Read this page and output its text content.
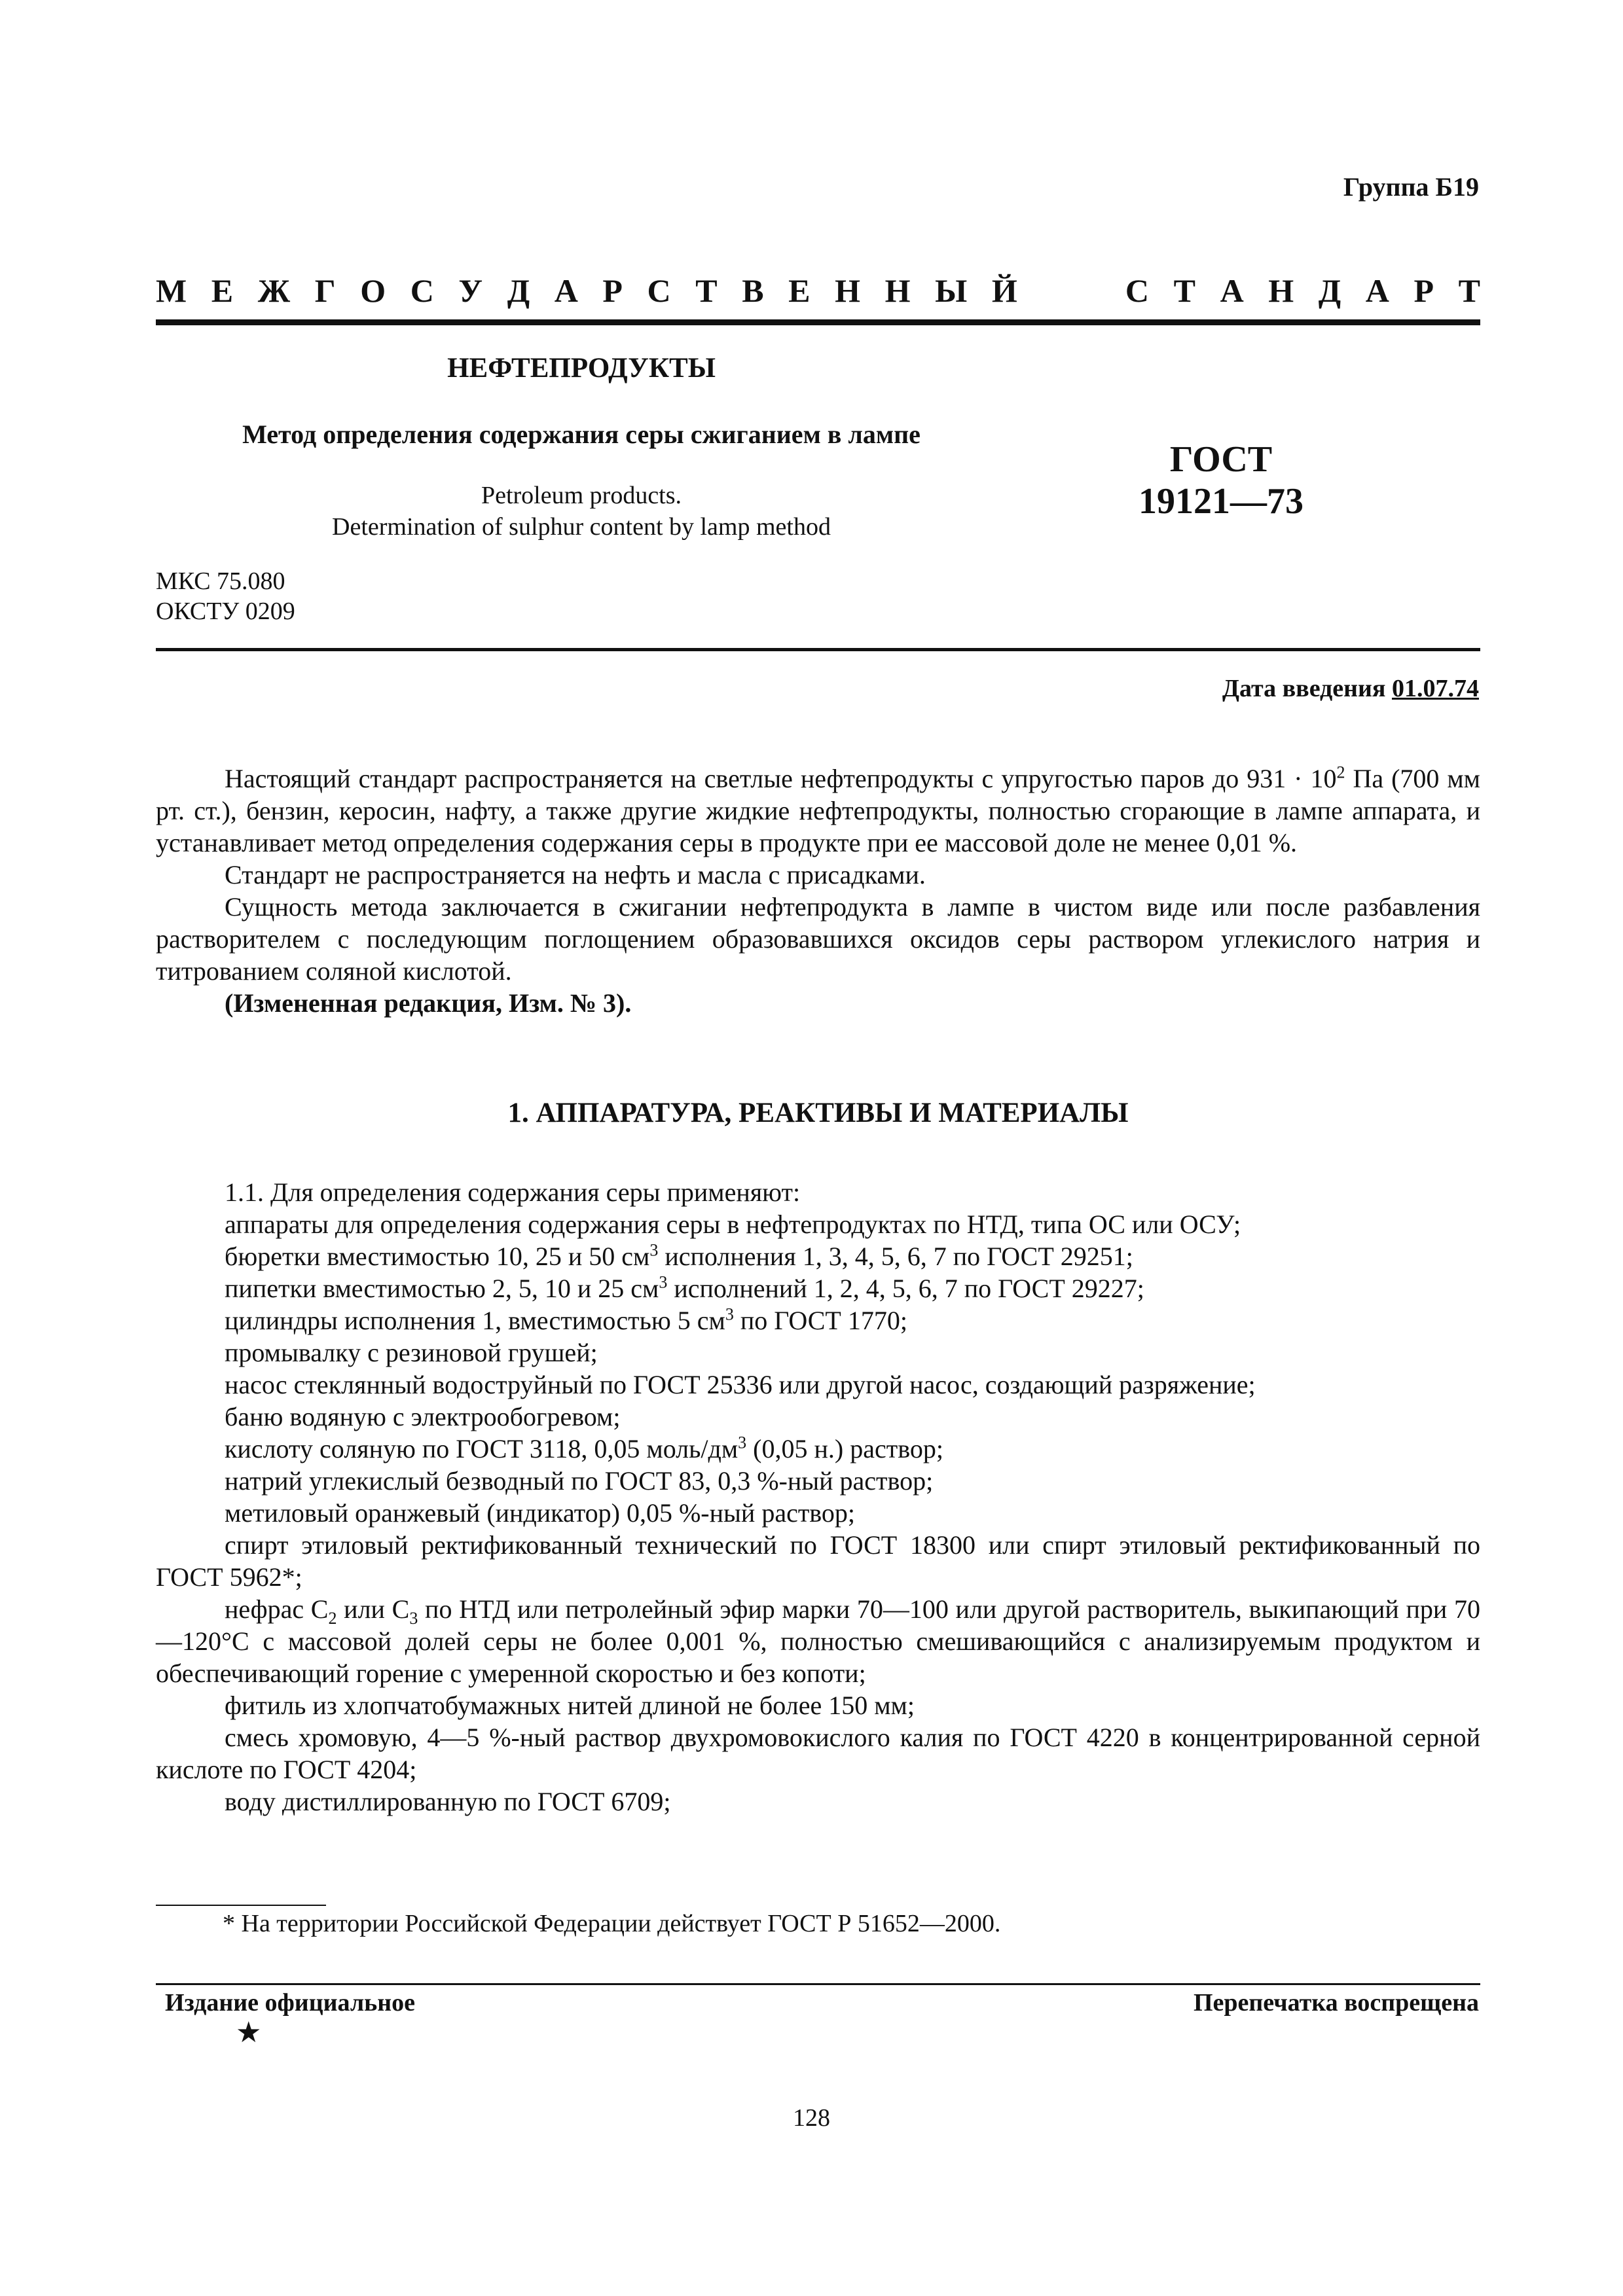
Группа Б19
М Е Ж Г О С У Д А Р С Т В Е Н Н Ы Й	С Т А Н Д А Р Т
НЕФТЕПРОДУКТЫ
Метод определения содержания серы сжиганием в лампе
Petroleum products.
Determination of sulphur content by lamp method
ГОСТ
19121—73
МКС 75.080
ОКСТУ 0209
Дата введения 01.07.74

Настоящий стандарт распространяется на светлые нефтепродукты с упругостью паров до $931 \cdot 10^2$ Па (700 мм рт. ст.), бензин, керосин, нафту, а также другие жидкие нефтепродукты, полностью сгорающие в лампе аппарата, и устанавливает метод определения содержания серы в продукте при ее массовой доле не менее 0,01 %.

Стандарт не распространяется на нефть и масла с присадками.

Сущность метода заключается в сжигании нефтепродукта в лампе в чистом виде или после разбавления растворителем с последующим поглощением образовавшихся оксидов серы раствором углекислого натрия и титрованием соляной кислотой.

(Измененная редакция, Изм. № 3).

1. АППАРАТУРА, РЕАКТИВЫ И МАТЕРИАЛЫ

1.1. Для определения содержания серы применяют:

аппараты для определения содержания серы в нефтепродуктах по НТД, типа ОС или ОСУ;

бюретки вместимостью 10, 25 и 50 $см^3$ исполнения 1, 3, 4, 5, 6, 7 по ГОСТ 29251;

пипетки вместимостью 2, 5, 10 и 25 $см^3$ исполнений 1, 2, 4, 5, 6, 7 по ГОСТ 29227;

цилиндры исполнения 1, вместимостью 5 $см^3$ по ГОСТ 1770;

промывалку с резиновой грушей;

насос стеклянный водоструйный по ГОСТ 25336 или другой насос, создающий разряжение;

баню водяную с электрообогревом;

кислоту соляную по ГОСТ 3118, 0,05 моль/$дм^3$ (0,05 н.) раствор;

натрий углекислый безводный по ГОСТ 83, 0,3 %-ный раствор;

метиловый оранжевый (индикатор) 0,05 %-ный раствор;

спирт этиловый ректификованный технический по ГОСТ 18300 или спирт этиловый ректификованный по ГОСТ 5962*;

нефрас $С_2$ или $С_3$ по НТД или петролейный эфир марки 70—100 или другой растворитель, выкипающий при 70—120°С с массовой долей серы не более 0,001 %, полностью смешивающийся с анализируемым продуктом и обеспечивающий горение с умеренной скоростью и без копоти;

фитиль из хлопчатобумажных нитей длиной не более 150 мм;

смесь хромовую, 4—5 %-ный раствор двухромовокислого калия по ГОСТ 4220 в концентрированной серной кислоте по ГОСТ 4204;

воду дистиллированную по ГОСТ 6709;

* На территории Российской Федерации действует ГОСТ Р 51652—2000.
Издание официальное
★
Перепечатка воспрещена
128
